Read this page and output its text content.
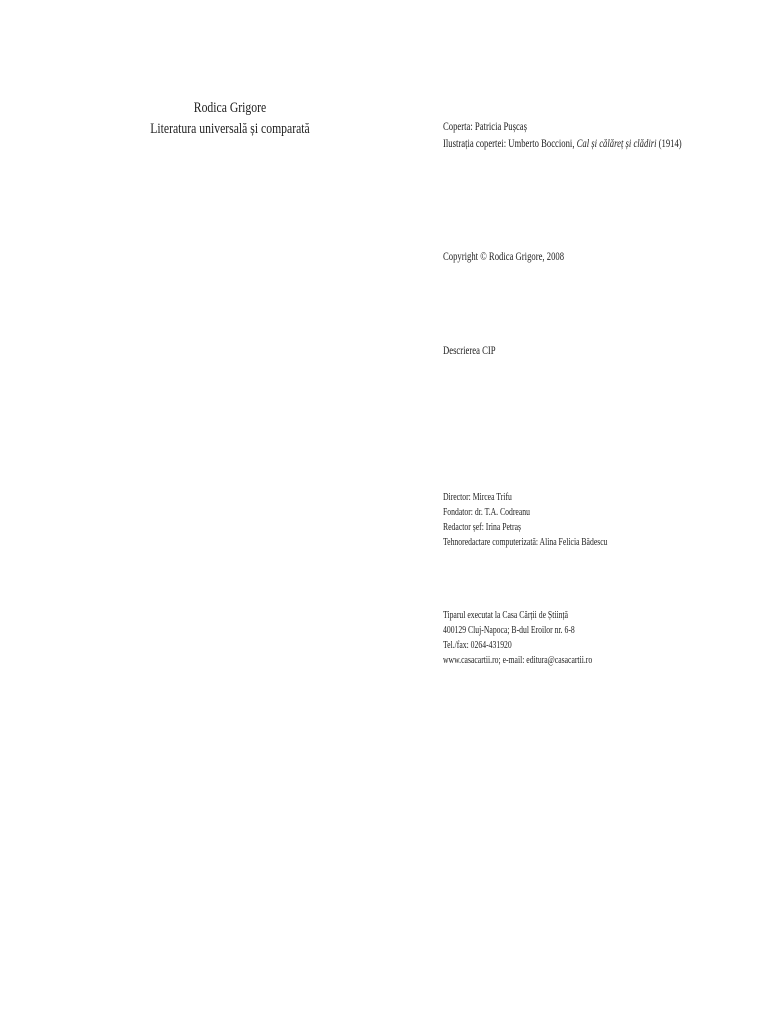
Rodica Grigore
Literatura universală și comparată	Coperta: Patricia Pușcaș
Ilustrația copertei: Umberto Boccioni, Cal și călăreț și clădiri (1914)
Copyright © Rodica Grigore, 2008
Descrierea CIP
Director: Mircea Trifu
Fondator: dr. T.A. Codreanu
Redactor șef: Irina Petraș
Tehnoredactare computerizată: Alina Felicia Bădescu
Tiparul executat la Casa Cărții de Știință
400129 Cluj-Napoca; B-dul Eroilor nr. 6-8
Tel./fax: 0264-431920
www.casacartii.ro; e-mail: editura@casacartii.ro
